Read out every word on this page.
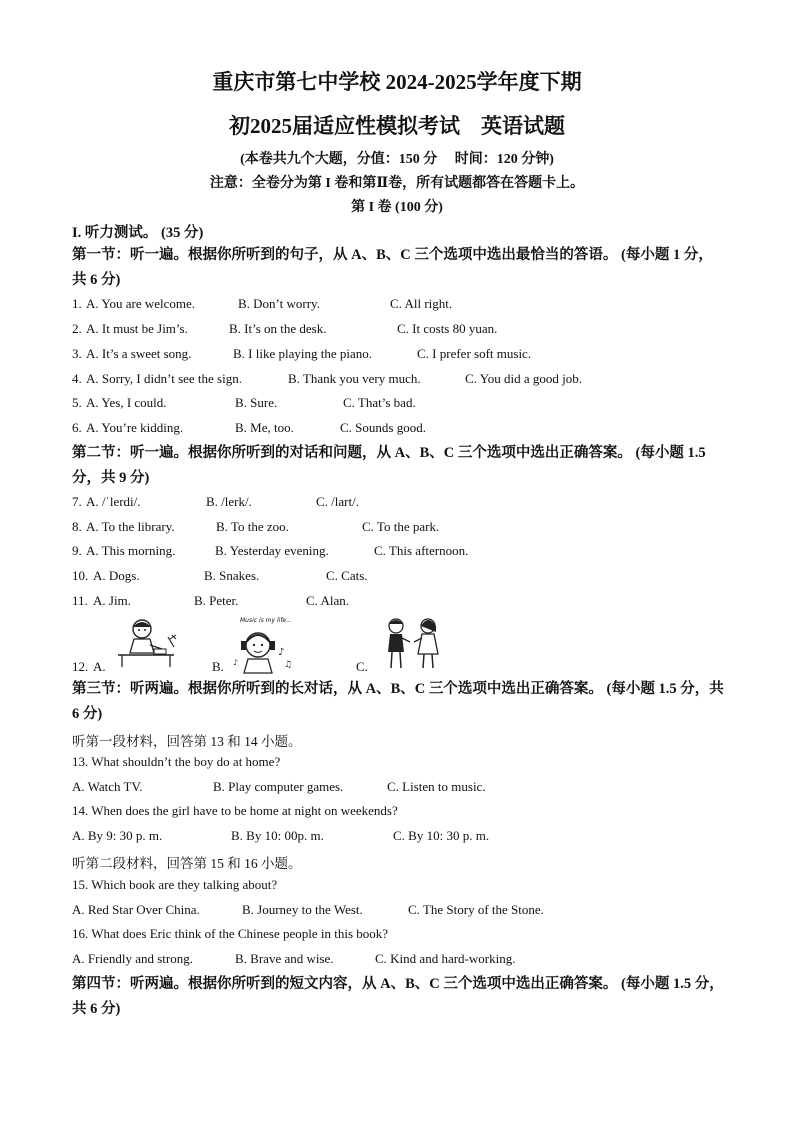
重庆市第七中学校 2024-2025学年度下期
初2025届适应性模拟考试　英语试题
(本卷共九个大题，分值：150 分　 时间：120 分钟)
注意：全卷分为第 I 卷和第Ⅱ卷，所有试题都答在答题卡上。
第 I 卷 (100 分)
I. 听力测试。 (35 分)
第一节：听一遍。根据你所听到的句子，从 A、B、C 三个选项中选出最恰当的答语。 (每小题 1 分，共 6 分)
1. A. You are welcome.	B. Don’t worry.	C. All right.
2. A. It must be Jim’s.	B. It’s on the desk.	C. It costs 80 yuan.
3. A. It’s a sweet song.	B. I like playing the piano.	C. I prefer soft music.
4. A. Sorry, I didn’t see the sign.	B. Thank you very much.	C. You did a good job.
5. A. Yes, I could.	B. Sure.	C. That’s bad.
6. A. You’re kidding.	B. Me, too.	C. Sounds good.
第二节：听一遍。根据你所听到的对话和问题，从 A、B、C 三个选项中选出正确答案。 (每小题 1.5 分，共 9 分)
7. A. /ˈlerdi/.	B. /lerk/.	C. /lart/.
8. A. To the library.	B. To the zoo.	C. To the park.
9. A. This morning.	B. Yesterday evening.	C. This afternoon.
10. A. Dogs.	B. Snakes.	C. Cats.
11. A. Jim.	B. Peter.	C. Alan.
12. A.	B.	C.
Music is my life...
♪
♫
♪
第三节：听两遍。根据你所听到的长对话，从 A、B、C 三个选项中选出正确答案。 (每小题 1.5 分，共 6 分)
听第一段材料，回答第 13 和 14 小题。
13. What shouldn’t the boy do at home?
A. Watch TV.	B. Play computer games.	C. Listen to music.
14. When does the girl have to be home at night on weekends?
A. By 9: 30 p. m.	B. By 10: 00p. m.	C. By 10: 30 p. m.
听第二段材料，回答第 15 和 16 小题。
15. Which book are they talking about?
A. Red Star Over China.	B. Journey to the West.	C. The Story of the Stone.
16. What does Eric think of the Chinese people in this book?
A. Friendly and strong.	B. Brave and wise.	C. Kind and hard-working.
第四节：听两遍。根据你所听到的短文内容，从 A、B、C 三个选项中选出正确答案。 (每小题 1.5 分，共 6 分)
